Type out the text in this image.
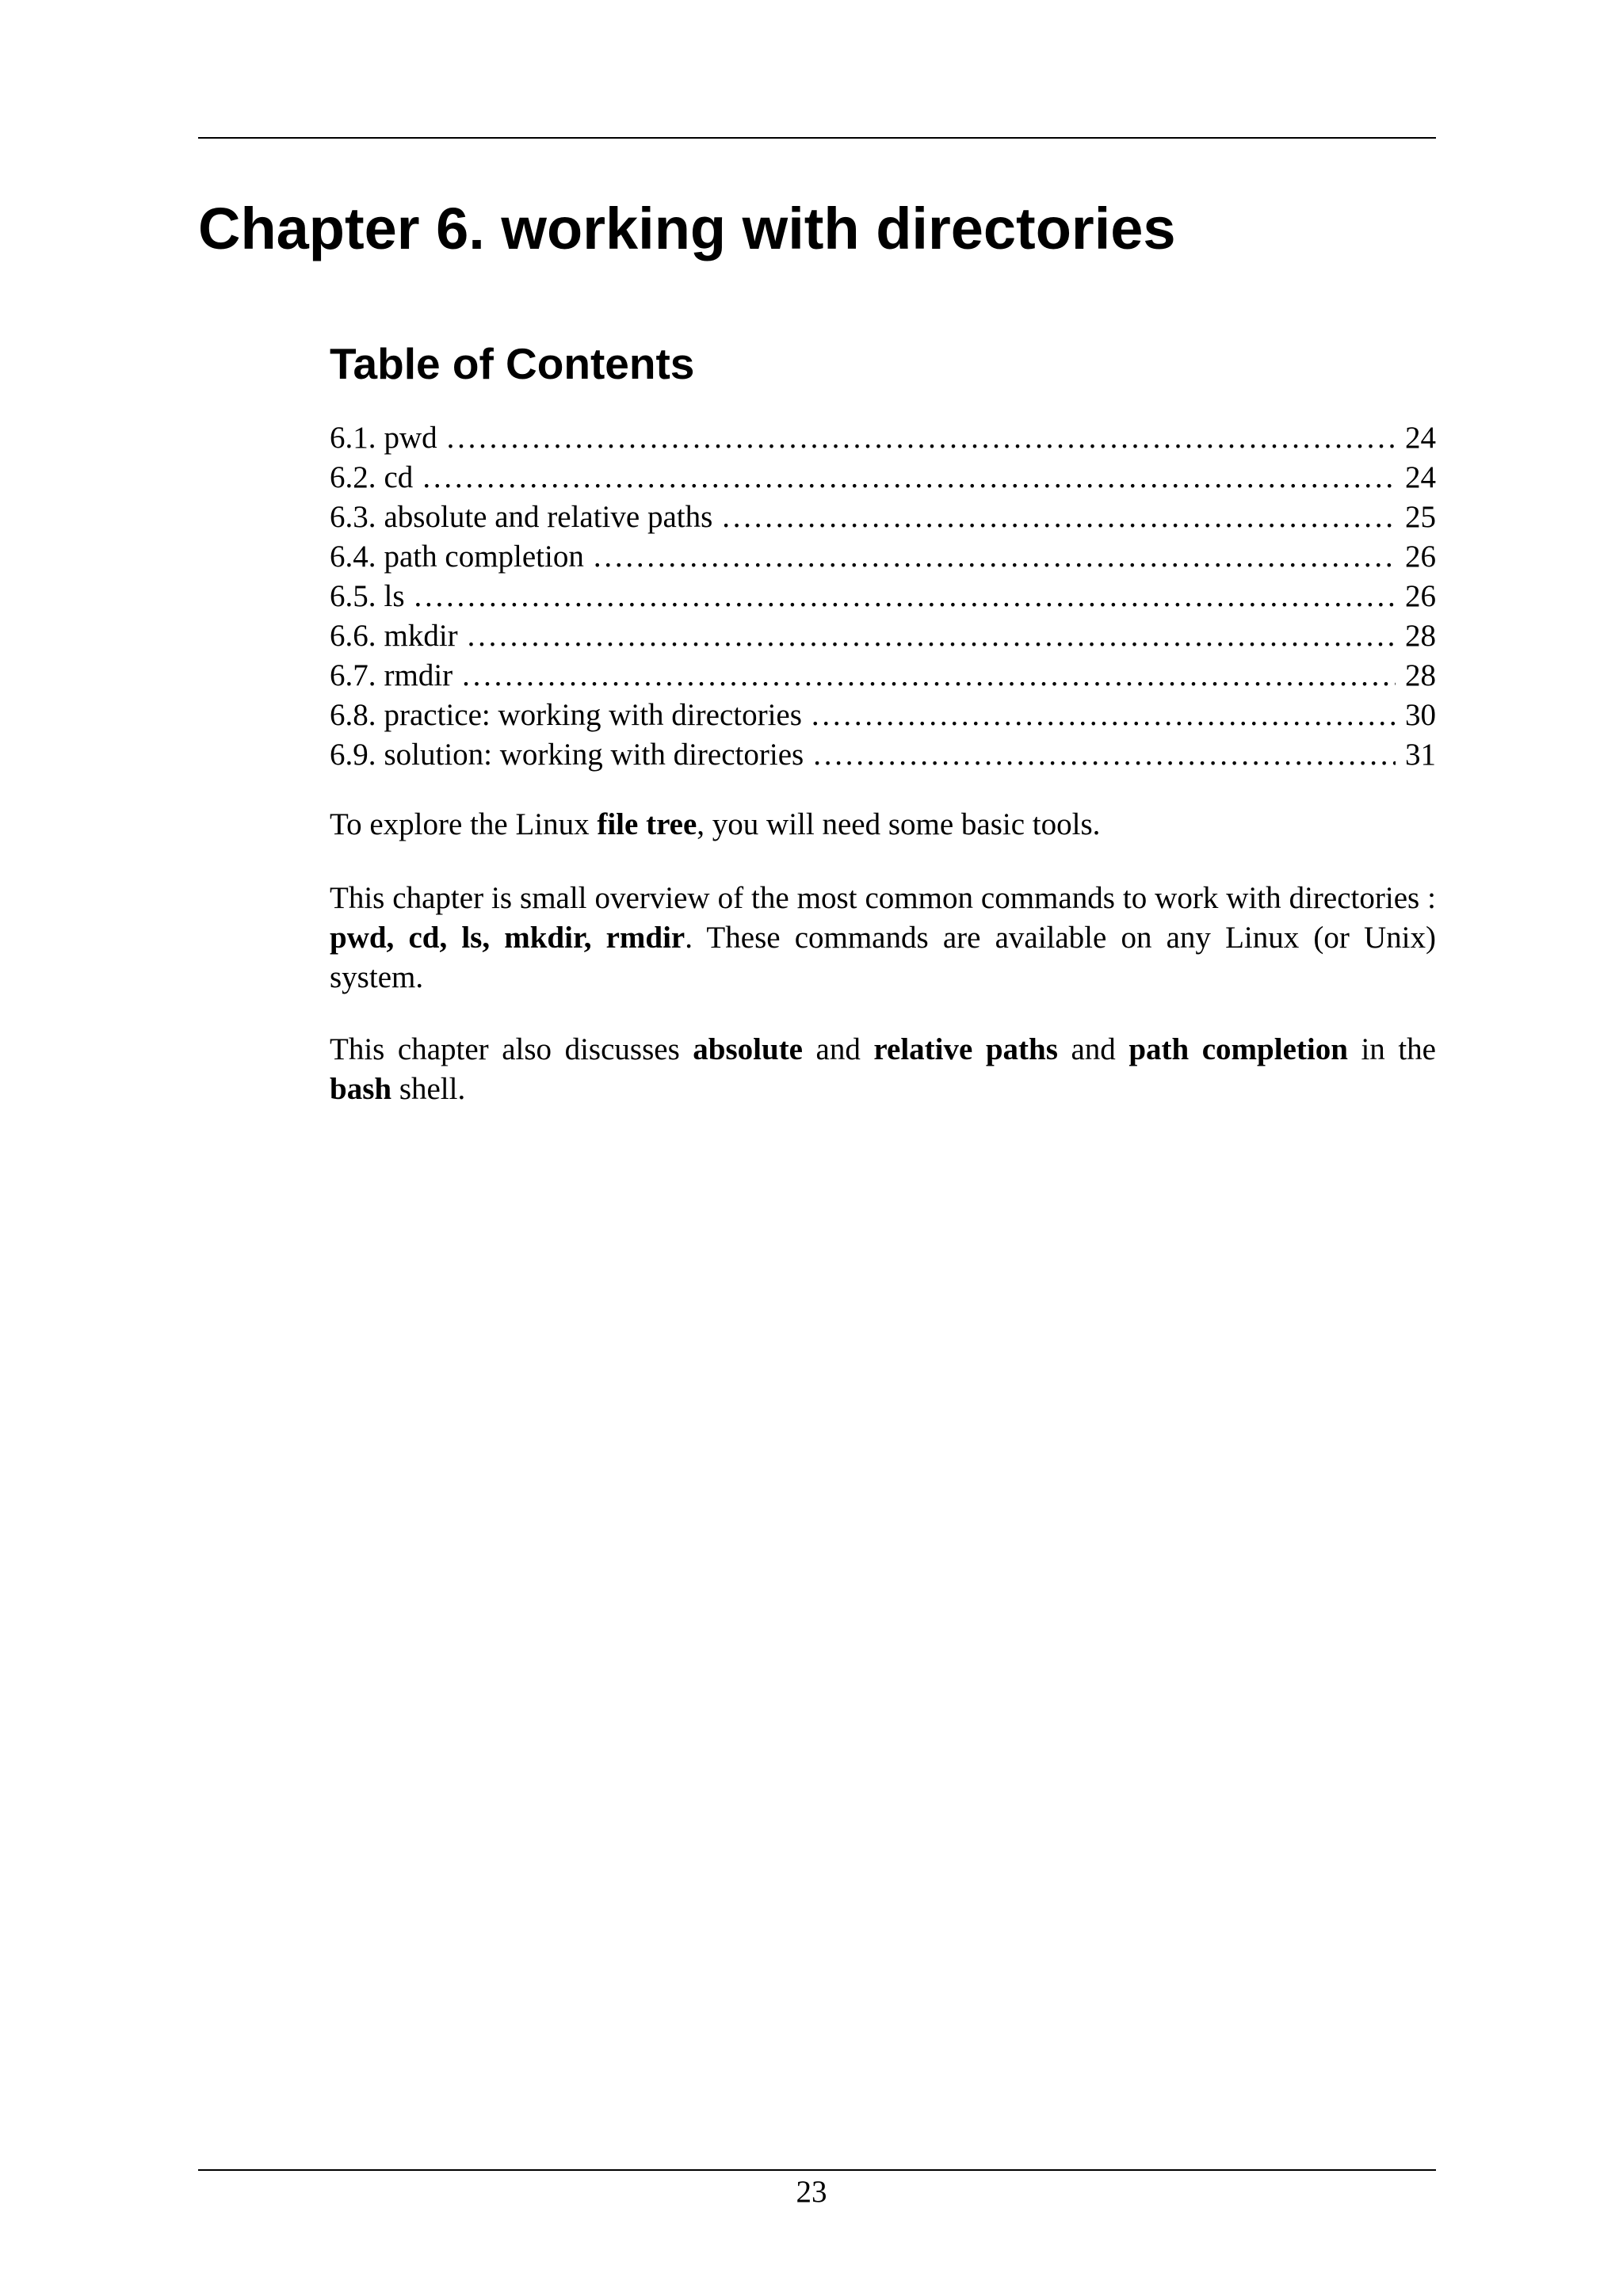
Chapter 6. working with directories
Table of Contents
6.1. pwd . . .	24
6.2. cd . . .	24
6.3. absolute and relative paths . . .	25
6.4. path completion . . .	26
6.5. ls . . .	26
6.6. mkdir . . .	28
6.7. rmdir . . .	28
6.8. practice: working with directories . . .	30
6.9. solution: working with directories . . .	31

To explore the Linux file tree, you will need some basic tools.

This chapter is small overview of the most common commands to work with directories : pwd, cd, ls, mkdir, rmdir. These commands are available on any Linux (or Unix) system.

This chapter also discusses absolute and relative paths and path completion in the bash shell.

23
